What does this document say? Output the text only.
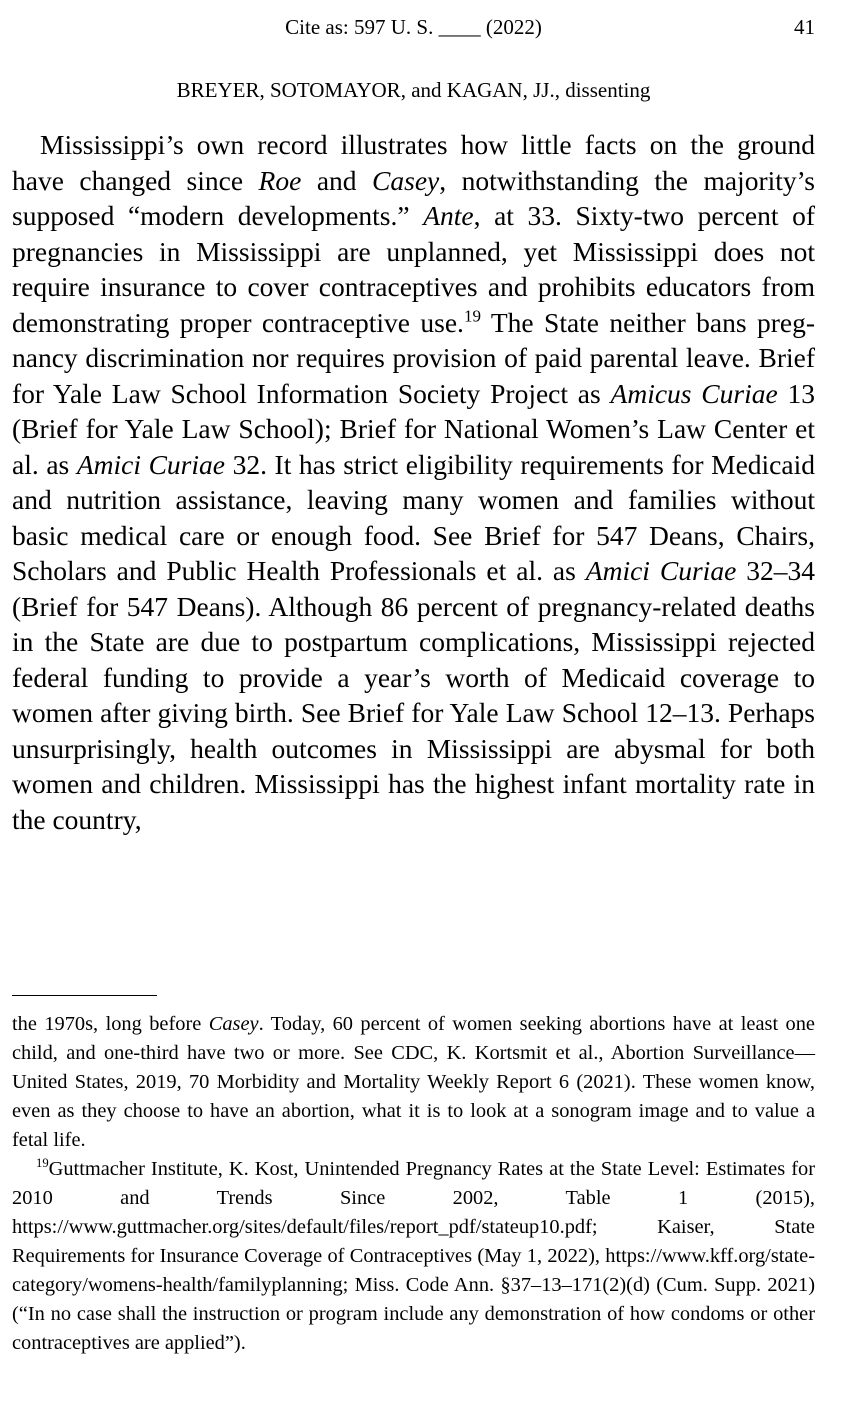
Cite as: 597 U. S. ____ (2022)	41
BREYER, SOTOMAYOR, and KAGAN, JJ., dissenting

Mississippi’s own record illustrates how little facts on the ground have changed since Roe and Casey, notwithstanding the majority’s supposed “modern developments.” Ante, at 33. Sixty-two percent of pregnancies in Mississippi are unplanned, yet Mississippi does not require insurance to cover contraceptives and prohibits educators from demonstrating proper contraceptive use.$^{19}$ The State neither bans pregnancy discrimination nor requires provision of paid parental leave. Brief for Yale Law School Information Society Project as Amicus Curiae 13 (Brief for Yale Law School); Brief for National Women’s Law Center et al. as Amici Curiae 32. It has strict eligibility requirements for Medicaid and nutrition assistance, leaving many women and families without basic medical care or enough food. See Brief for 547 Deans, Chairs, Scholars and Public Health Professionals et al. as Amici Curiae 32–34 (Brief for 547 Deans). Although 86 percent of pregnancy-related deaths in the State are due to postpartum complications, Mississippi rejected federal funding to provide a year’s worth of Medicaid coverage to women after giving birth. See Brief for Yale Law School 12–13. Perhaps unsurprisingly, health outcomes in Mississippi are abysmal for both women and children. Mississippi has the highest infant mortality rate in the country,

the 1970s, long before Casey. Today, 60 percent of women seeking abortions have at least one child, and one-third have two or more. See CDC, K. Kortsmit et al., Abortion Surveillance—United States, 2019, 70 Morbidity and Mortality Weekly Report 6 (2021). These women know, even as they choose to have an abortion, what it is to look at a sonogram image and to value a fetal life.

$^{19}$Guttmacher Institute, K. Kost, Unintended Pregnancy Rates at the State Level: Estimates for 2010 and Trends Since 2002, Table 1 (2015), https://www.guttmacher.org/sites/default/files/report_pdf/stateup10.pdf; Kaiser, State Requirements for Insurance Coverage of Contraceptives (May 1, 2022), https://www.kff.org/state-category/womens-health/familyplanning; Miss. Code Ann. §37–13–171(2)(d) (Cum. Supp. 2021) (“In no case shall the instruction or program include any demonstration of how condoms or other contraceptives are applied”).
